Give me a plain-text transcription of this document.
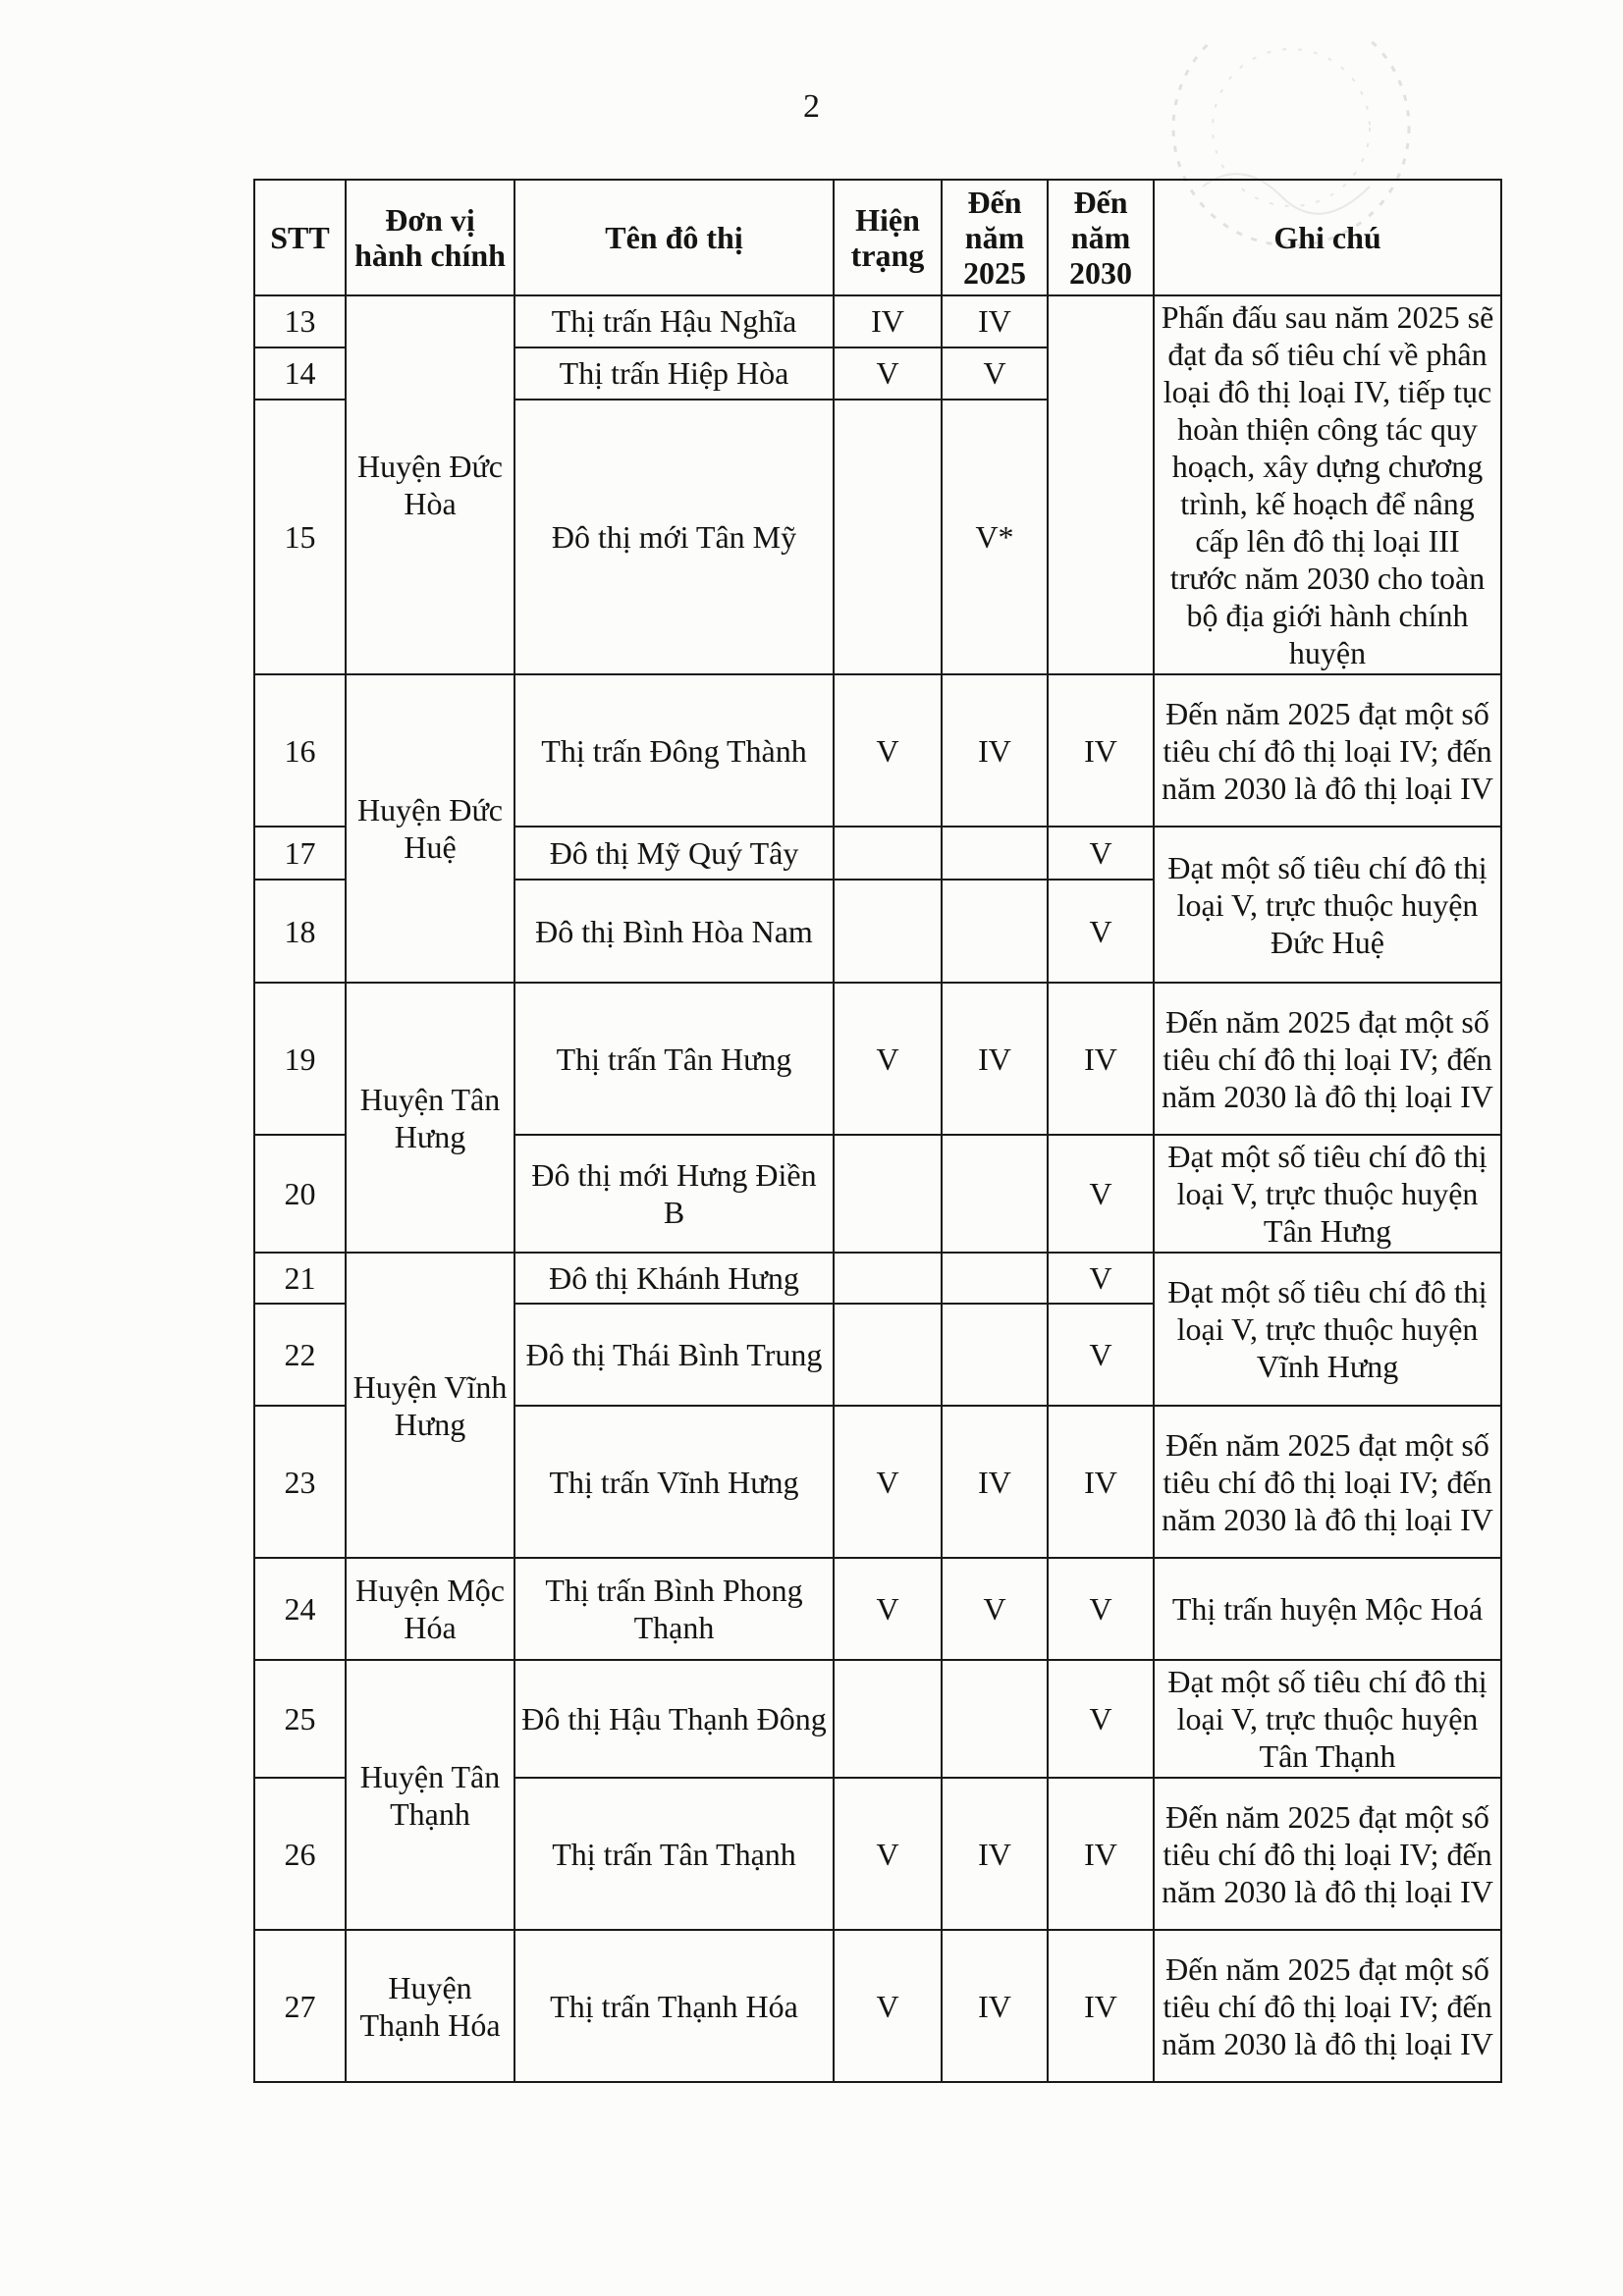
2
STT	Đơn vị hành chính	Tên đô thị	Hiện trạng	Đến năm 2025	Đến năm 2030	Ghi chú
13	Huyện Đức Hòa	Thị trấn Hậu Nghĩa	IV	IV		Phấn đấu sau năm 2025 sẽ đạt đa số tiêu chí về phân loại đô thị loại IV, tiếp tục hoàn thiện công tác quy hoạch, xây dựng chương trình, kế hoạch để nâng cấp lên đô thị loại III trước năm 2030 cho toàn bộ địa giới hành chính huyện
14		Thị trấn Hiệp Hòa	V	V		
15		Đô thị mới Tân Mỹ		V*		
16	Huyện Đức Huệ	Thị trấn Đông Thành	V	IV	IV	Đến năm 2025 đạt một số tiêu chí đô thị loại IV; đến năm 2030 là đô thị loại IV
17		Đô thị Mỹ Quý Tây			V	Đạt một số tiêu chí đô thị loại V, trực thuộc huyện Đức Huệ
18		Đô thị Bình Hòa Nam			V	
19	Huyện Tân Hưng	Thị trấn Tân Hưng	V	IV	IV	Đến năm 2025 đạt một số tiêu chí đô thị loại IV; đến năm 2030 là đô thị loại IV
20		Đô thị mới Hưng Điền B			V	Đạt một số tiêu chí đô thị loại V, trực thuộc huyện Tân Hưng
21	Huyện Vĩnh Hưng	Đô thị Khánh Hưng			V	Đạt một số tiêu chí đô thị loại V, trực thuộc huyện Vĩnh Hưng
22		Đô thị Thái Bình Trung			V	
23		Thị trấn Vĩnh Hưng	V	IV	IV	Đến năm 2025 đạt một số tiêu chí đô thị loại IV; đến năm 2030 là đô thị loại IV
24	Huyện Mộc Hóa	Thị trấn Bình Phong Thạnh	V	V	V	Thị trấn huyện Mộc Hoá
25	Huyện Tân Thạnh	Đô thị Hậu Thạnh Đông			V	Đạt một số tiêu chí đô thị loại V, trực thuộc huyện Tân Thạnh
26		Thị trấn Tân Thạnh	V	IV	IV	Đến năm 2025 đạt một số tiêu chí đô thị loại IV; đến năm 2030 là đô thị loại IV
27	Huyện Thạnh Hóa	Thị trấn Thạnh Hóa	V	IV	IV	Đến năm 2025 đạt một số tiêu chí đô thị loại IV; đến năm 2030 là đô thị loại IV
